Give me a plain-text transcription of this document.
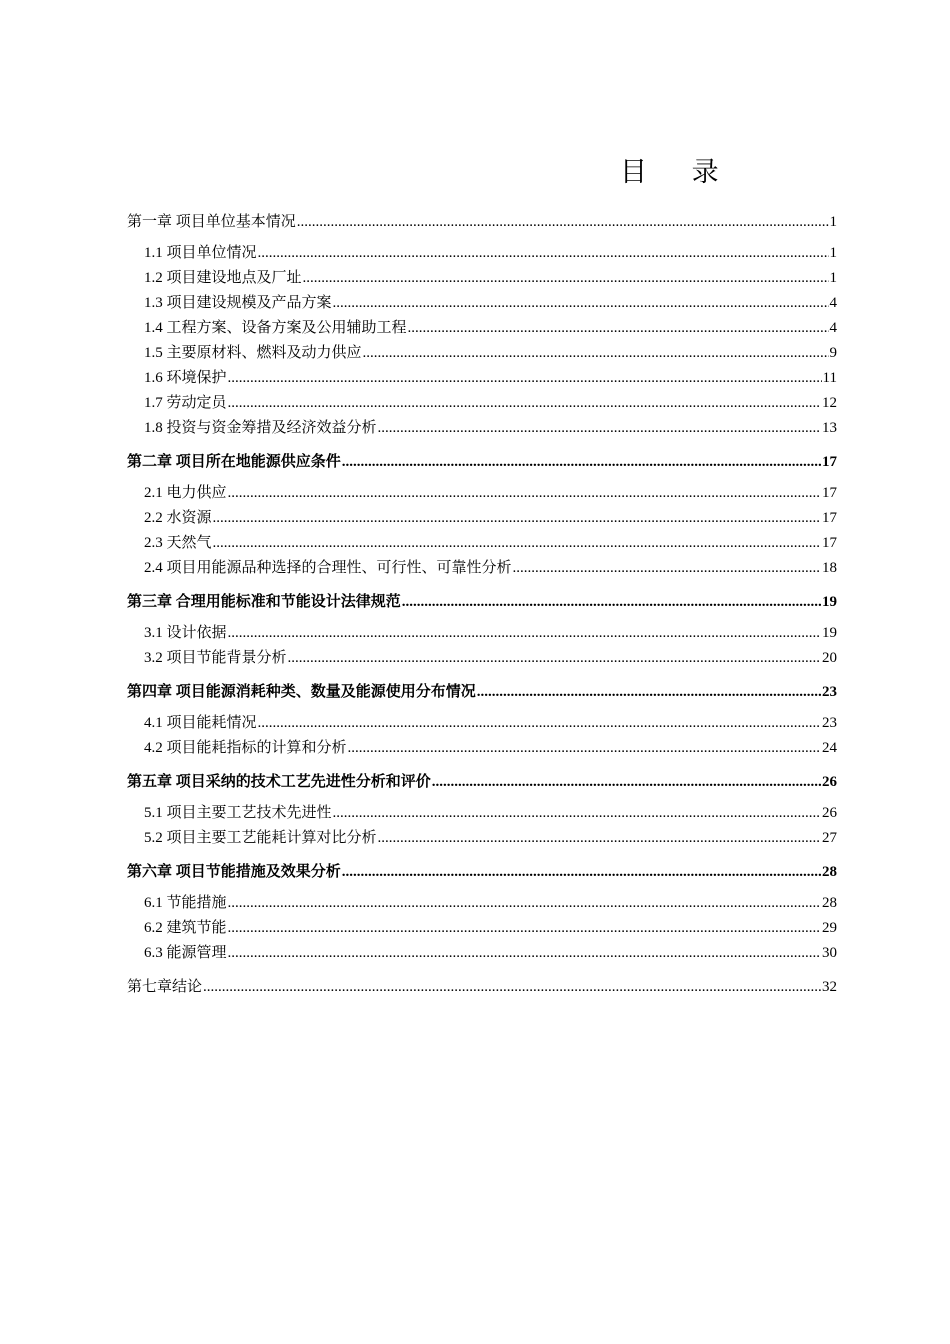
目 录
第一章 项目单位基本情况 .....	1
1.1 项目单位情况 .....	1
1.2 项目建设地点及厂址 .....	1
1.3 项目建设规模及产品方案 .....	4
1.4 工程方案、设备方案及公用辅助工程 .....	4
1.5 主要原材料、燃料及动力供应 .....	9
1.6 环境保护 .....	11
1.7 劳动定员 .....	12
1.8 投资与资金筹措及经济效益分析 .....	13
第二章 项目所在地能源供应条件 .....	17
2.1 电力供应 .....	17
2.2 水资源 .....	17
2.3 天然气 .....	17
2.4 项目用能源品种选择的合理性、可行性、可靠性分析 .....	18
第三章 合理用能标准和节能设计法律规范 .....	19
3.1 设计依据 .....	19
3.2 项目节能背景分析 .....	20
第四章 项目能源消耗种类、数量及能源使用分布情况 .....	23
4.1 项目能耗情况 .....	23
4.2 项目能耗指标的计算和分析 .....	24
第五章 项目采纳的技术工艺先进性分析和评价 .....	26
5.1 项目主要工艺技术先进性 .....	26
5.2 项目主要工艺能耗计算对比分析 .....	27
第六章 项目节能措施及效果分析 .....	28
6.1 节能措施 .....	28
6.2 建筑节能 .....	29
6.3 能源管理 .....	30
第七章结论 .....	32
